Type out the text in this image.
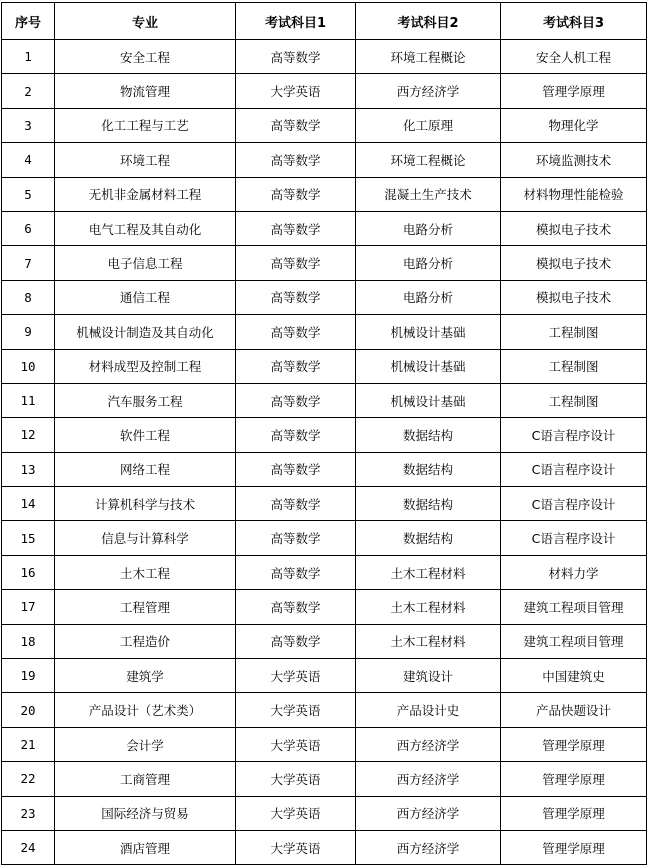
序号	专业	考试科目1	考试科目2	考试科目3
1	安全工程	高等数学	环境工程概论	安全人机工程
2	物流管理	大学英语	西方经济学	管理学原理
3	化工工程与工艺	高等数学	化工原理	物理化学
4	环境工程	高等数学	环境工程概论	环境监测技术
5	无机非金属材料工程	高等数学	混凝土生产技术	材料物理性能检验
6	电气工程及其自动化	高等数学	电路分析	模拟电子技术
7	电子信息工程	高等数学	电路分析	模拟电子技术
8	通信工程	高等数学	电路分析	模拟电子技术
9	机械设计制造及其自动化	高等数学	机械设计基础	工程制图
10	材料成型及控制工程	高等数学	机械设计基础	工程制图
11	汽车服务工程	高等数学	机械设计基础	工程制图
12	软件工程	高等数学	数据结构	C语言程序设计
13	网络工程	高等数学	数据结构	C语言程序设计
14	计算机科学与技术	高等数学	数据结构	C语言程序设计
15	信息与计算科学	高等数学	数据结构	C语言程序设计
16	土木工程	高等数学	土木工程材料	材料力学
17	工程管理	高等数学	土木工程材料	建筑工程项目管理
18	工程造价	高等数学	土木工程材料	建筑工程项目管理
19	建筑学	大学英语	建筑设计	中国建筑史
20	产品设计（艺术类）	大学英语	产品设计史	产品快题设计
21	会计学	大学英语	西方经济学	管理学原理
22	工商管理	大学英语	西方经济学	管理学原理
23	国际经济与贸易	大学英语	西方经济学	管理学原理
24	酒店管理	大学英语	西方经济学	管理学原理
